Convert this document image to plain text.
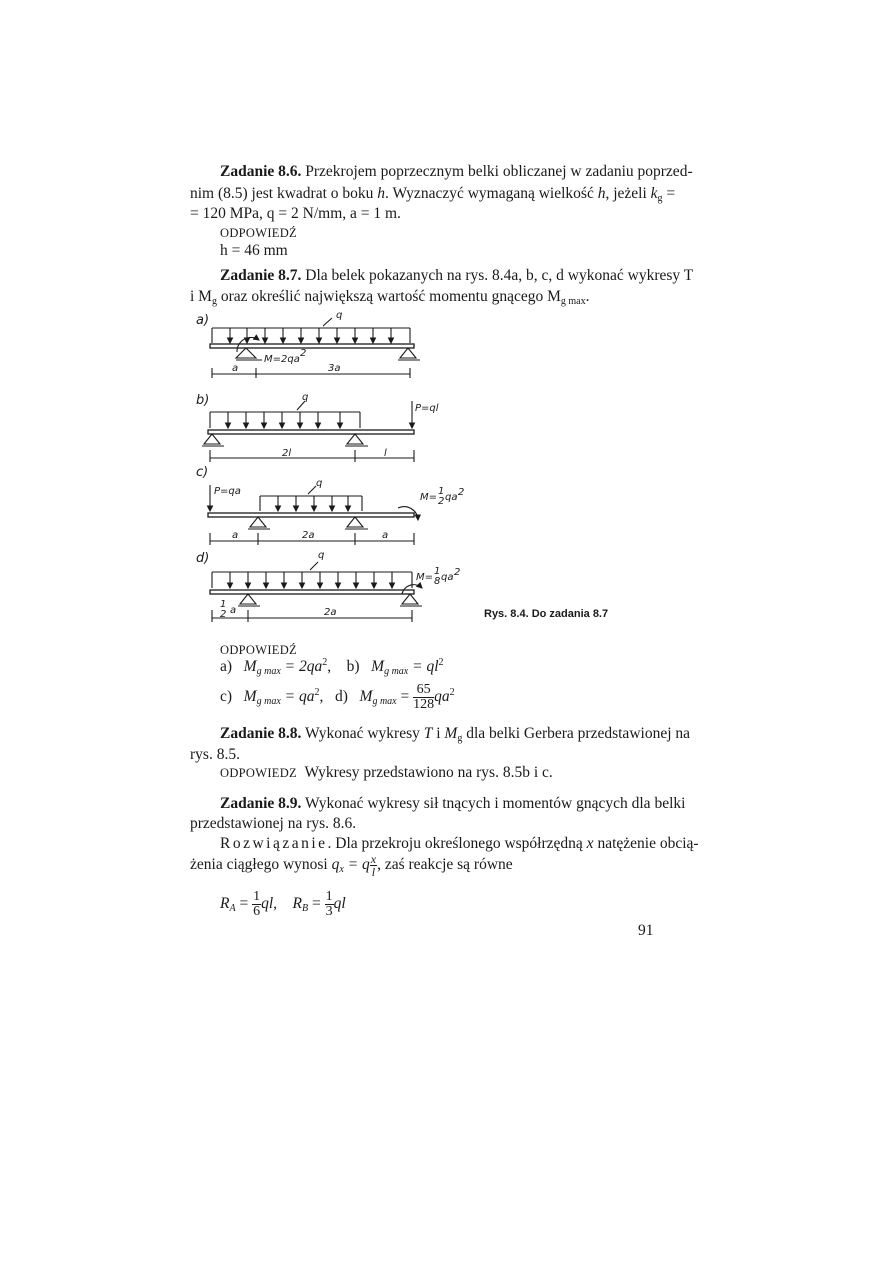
Zadanie 8.6. Przekrojem poprzecznym belki obliczanej w zadaniu poprzed-
nim (8.5) jest kwadrat o boku h. Wyznaczyć wymaganą wielkość h, jeżeli $k_g$ =
= 120 MPa, q = 2 N/mm, a = 1 m.
ODPOWIEDŹ
h = 46 mm
Zadanie 8.7. Dla belek pokazanych na rys. 8.4a, b, c, d wykonać wykresy T
i $M_g$ oraz określić największą wartość momentu gnącego $M_{g max}$.
a)	q
M=2qa
2
a	3a
b)	q
P=ql
2l	l
c)
P=qa
q
M=
1
2 qa 2
a	2a	a
d)	q
M=
1
8 qa 2
1
2 a	2a	Rys. 8.4. Do zadania 8.7
ODPOWIEDŹ
a) $M_{g max} = 2qa^2$, b) $M_{g max} = ql^2$
c) $M_{g max} = qa^2$, d) $M_{g max} = \frac{65}{128} qa^2$
Zadanie 8.8. Wykonać wykresy T i $M_g$ dla belki Gerbera przedstawionej na
rys. 8.5.
ODPOWIEDZ Wykresy przedstawiono na rys. 8.5b i c.
Zadanie 8.9. Wykonać wykresy sił tnących i momentów gnących dla belki
przedstawionej na rys. 8.6.
Rozwiązanie. Dla przekroju określonego współrzędną x natężenie obcią-
żenia ciągłego wynosi $q_x = q \frac{x}{l}$ , zaś reakcje są równe
$R_A = \frac{1}{6}$ ql, $R_B = \frac{1}{3}$ ql
91
